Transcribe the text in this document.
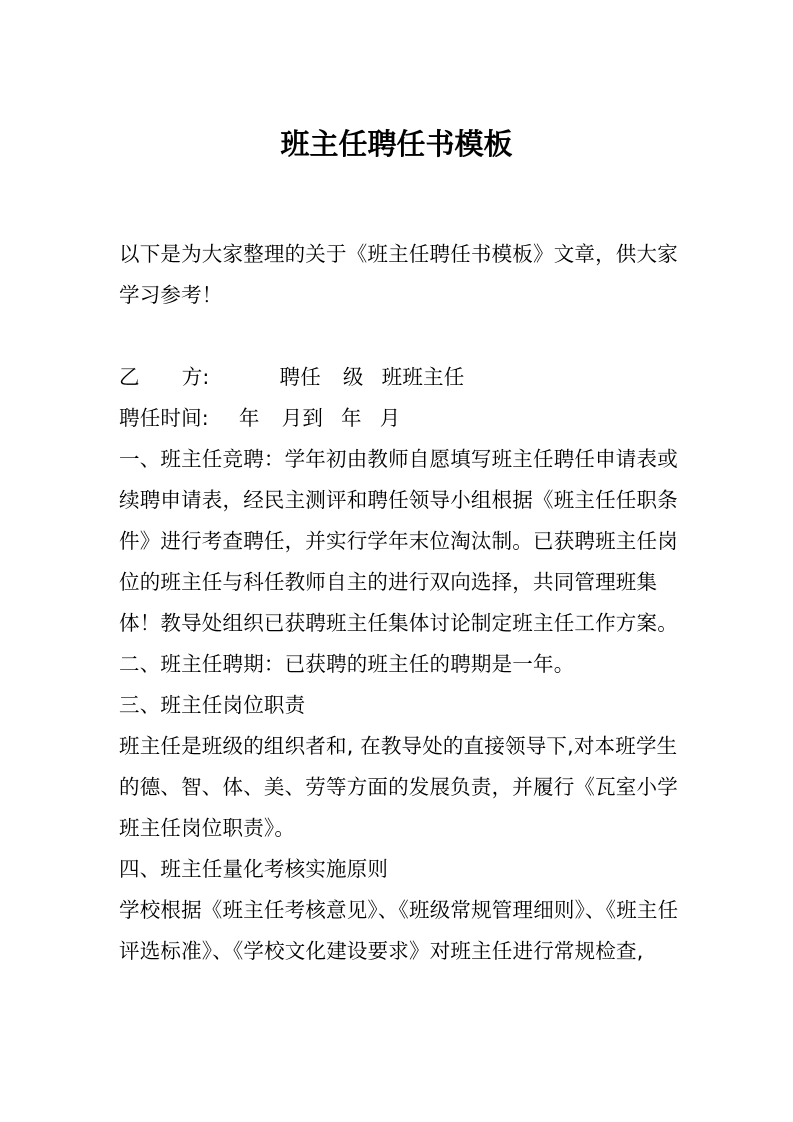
班主任聘任书模板

以下是为大家整理的关于《班主任聘任书模板》文章，供大家学习参考！

乙 方:	聘任 级 班班主任

聘任时间: 年 月到 年 月

一、班主任竞聘：学年初由教师自愿填写班主任聘任申请表或续聘申请表，经民主测评和聘任领导小组根据《班主任任职条件》进行考查聘任，并实行学年末位淘汰制。已获聘班主任岗位的班主任与科任教师自主的进行双向选择，共同管理班集体！教导处组织已获聘班主任集体讨论制定班主任工作方案。

二、班主任聘期：已获聘的班主任的聘期是一年。

三、班主任岗位职责

班主任是班级的组织者和, 在教导处的直接领导下,对本班学生的德、智、体、美、劳等方面的发展负责，并履行《瓦室小学班主任岗位职责》。

四、班主任量化考核实施原则

学校根据《班主任考核意见》、《班级常规管理细则》、《班主任评选标准》、《学校文化建设要求》对班主任进行常规检查,
